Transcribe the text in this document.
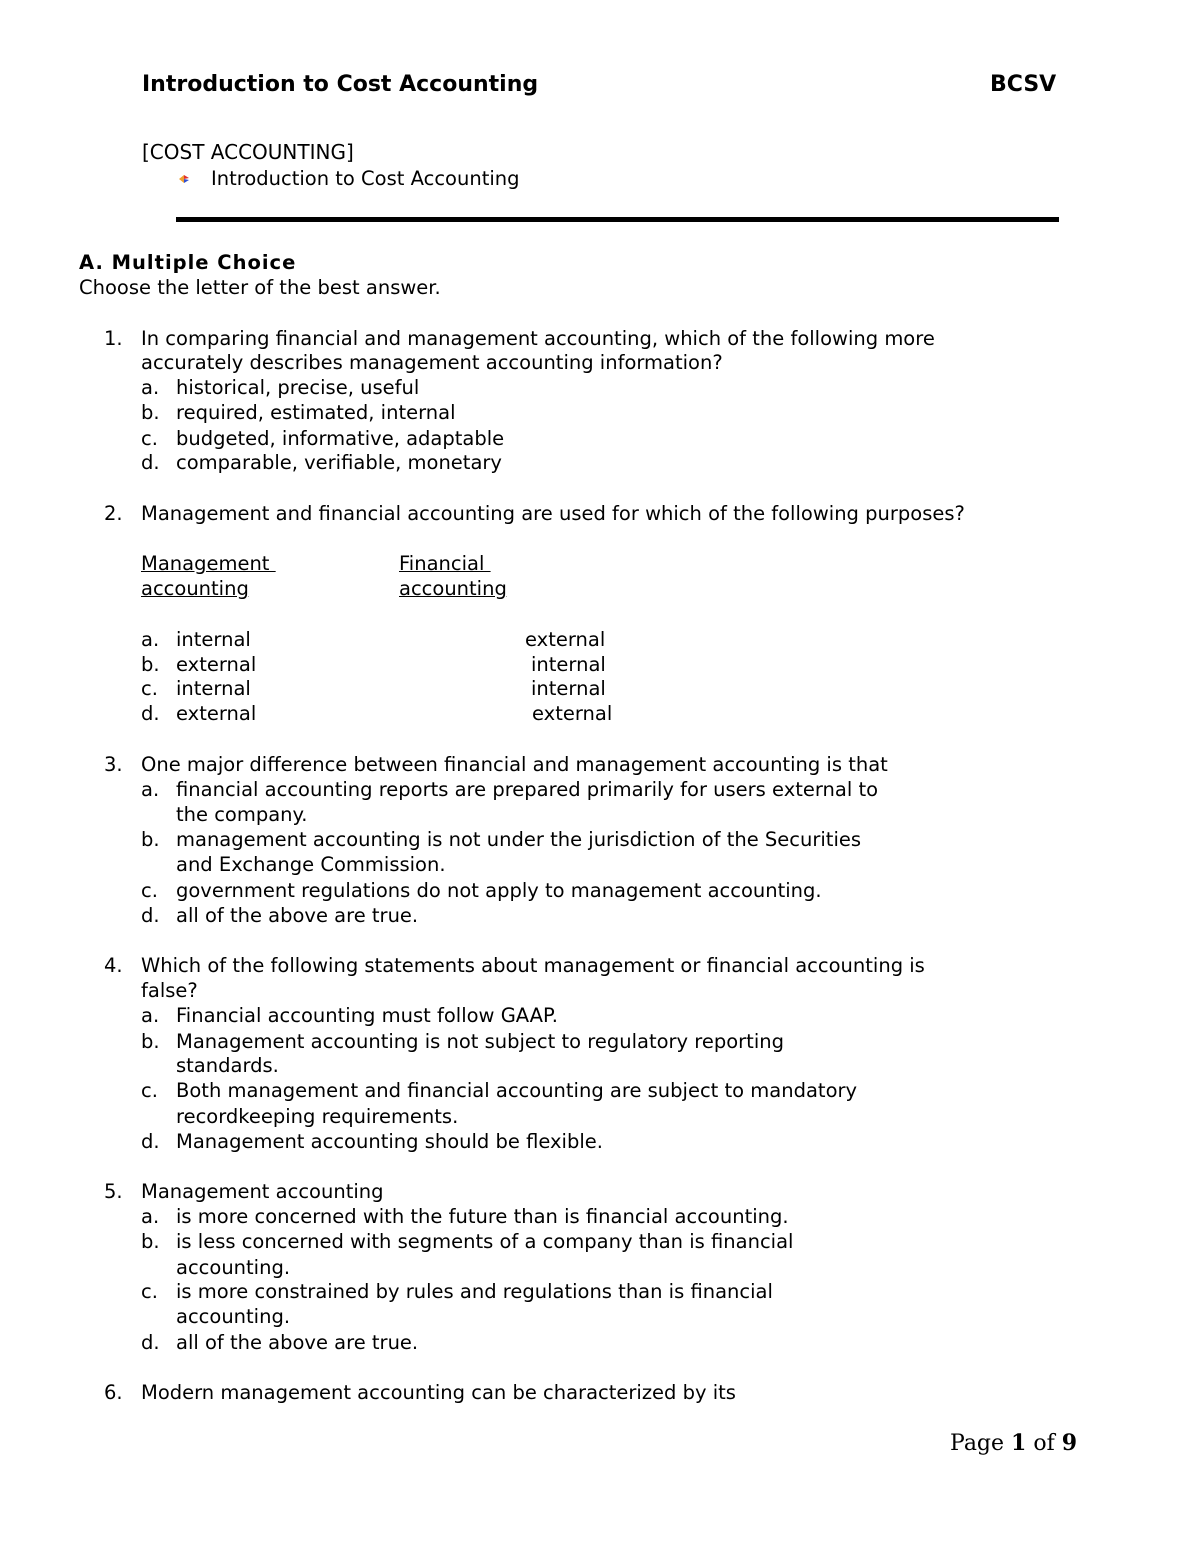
Introduction to Cost Accounting	BCSV
[COST ACCOUNTING]
Introduction to Cost Accounting
A. Multiple Choice
Choose the letter of the best answer.
1. In comparing financial and management accounting, which of the following more
accurately describes management accounting information?
a. historical, precise, useful
b. required, estimated, internal
c. budgeted, informative, adaptable
d. comparable, verifiable, monetary
2. Management and financial accounting are used for which of the following purposes?
Management
accounting
Financial
accounting
a. internal	external
b. external	internal
c. internal	internal
d. external	external
3. One major difference between financial and management accounting is that
a. financial accounting reports are prepared primarily for users external to
the company.
b. management accounting is not under the jurisdiction of the Securities
and Exchange Commission.
c. government regulations do not apply to management accounting.
d. all of the above are true.
4. Which of the following statements about management or financial accounting is
false?
a. Financial accounting must follow GAAP.
b. Management accounting is not subject to regulatory reporting
standards.
c. Both management and financial accounting are subject to mandatory
recordkeeping requirements.
d. Management accounting should be flexible.
5. Management accounting
a. is more concerned with the future than is financial accounting.
b. is less concerned with segments of a company than is financial
accounting.
c. is more constrained by rules and regulations than is financial
accounting.
d. all of the above are true.
6. Modern management accounting can be characterized by its
Page 1 of 9
